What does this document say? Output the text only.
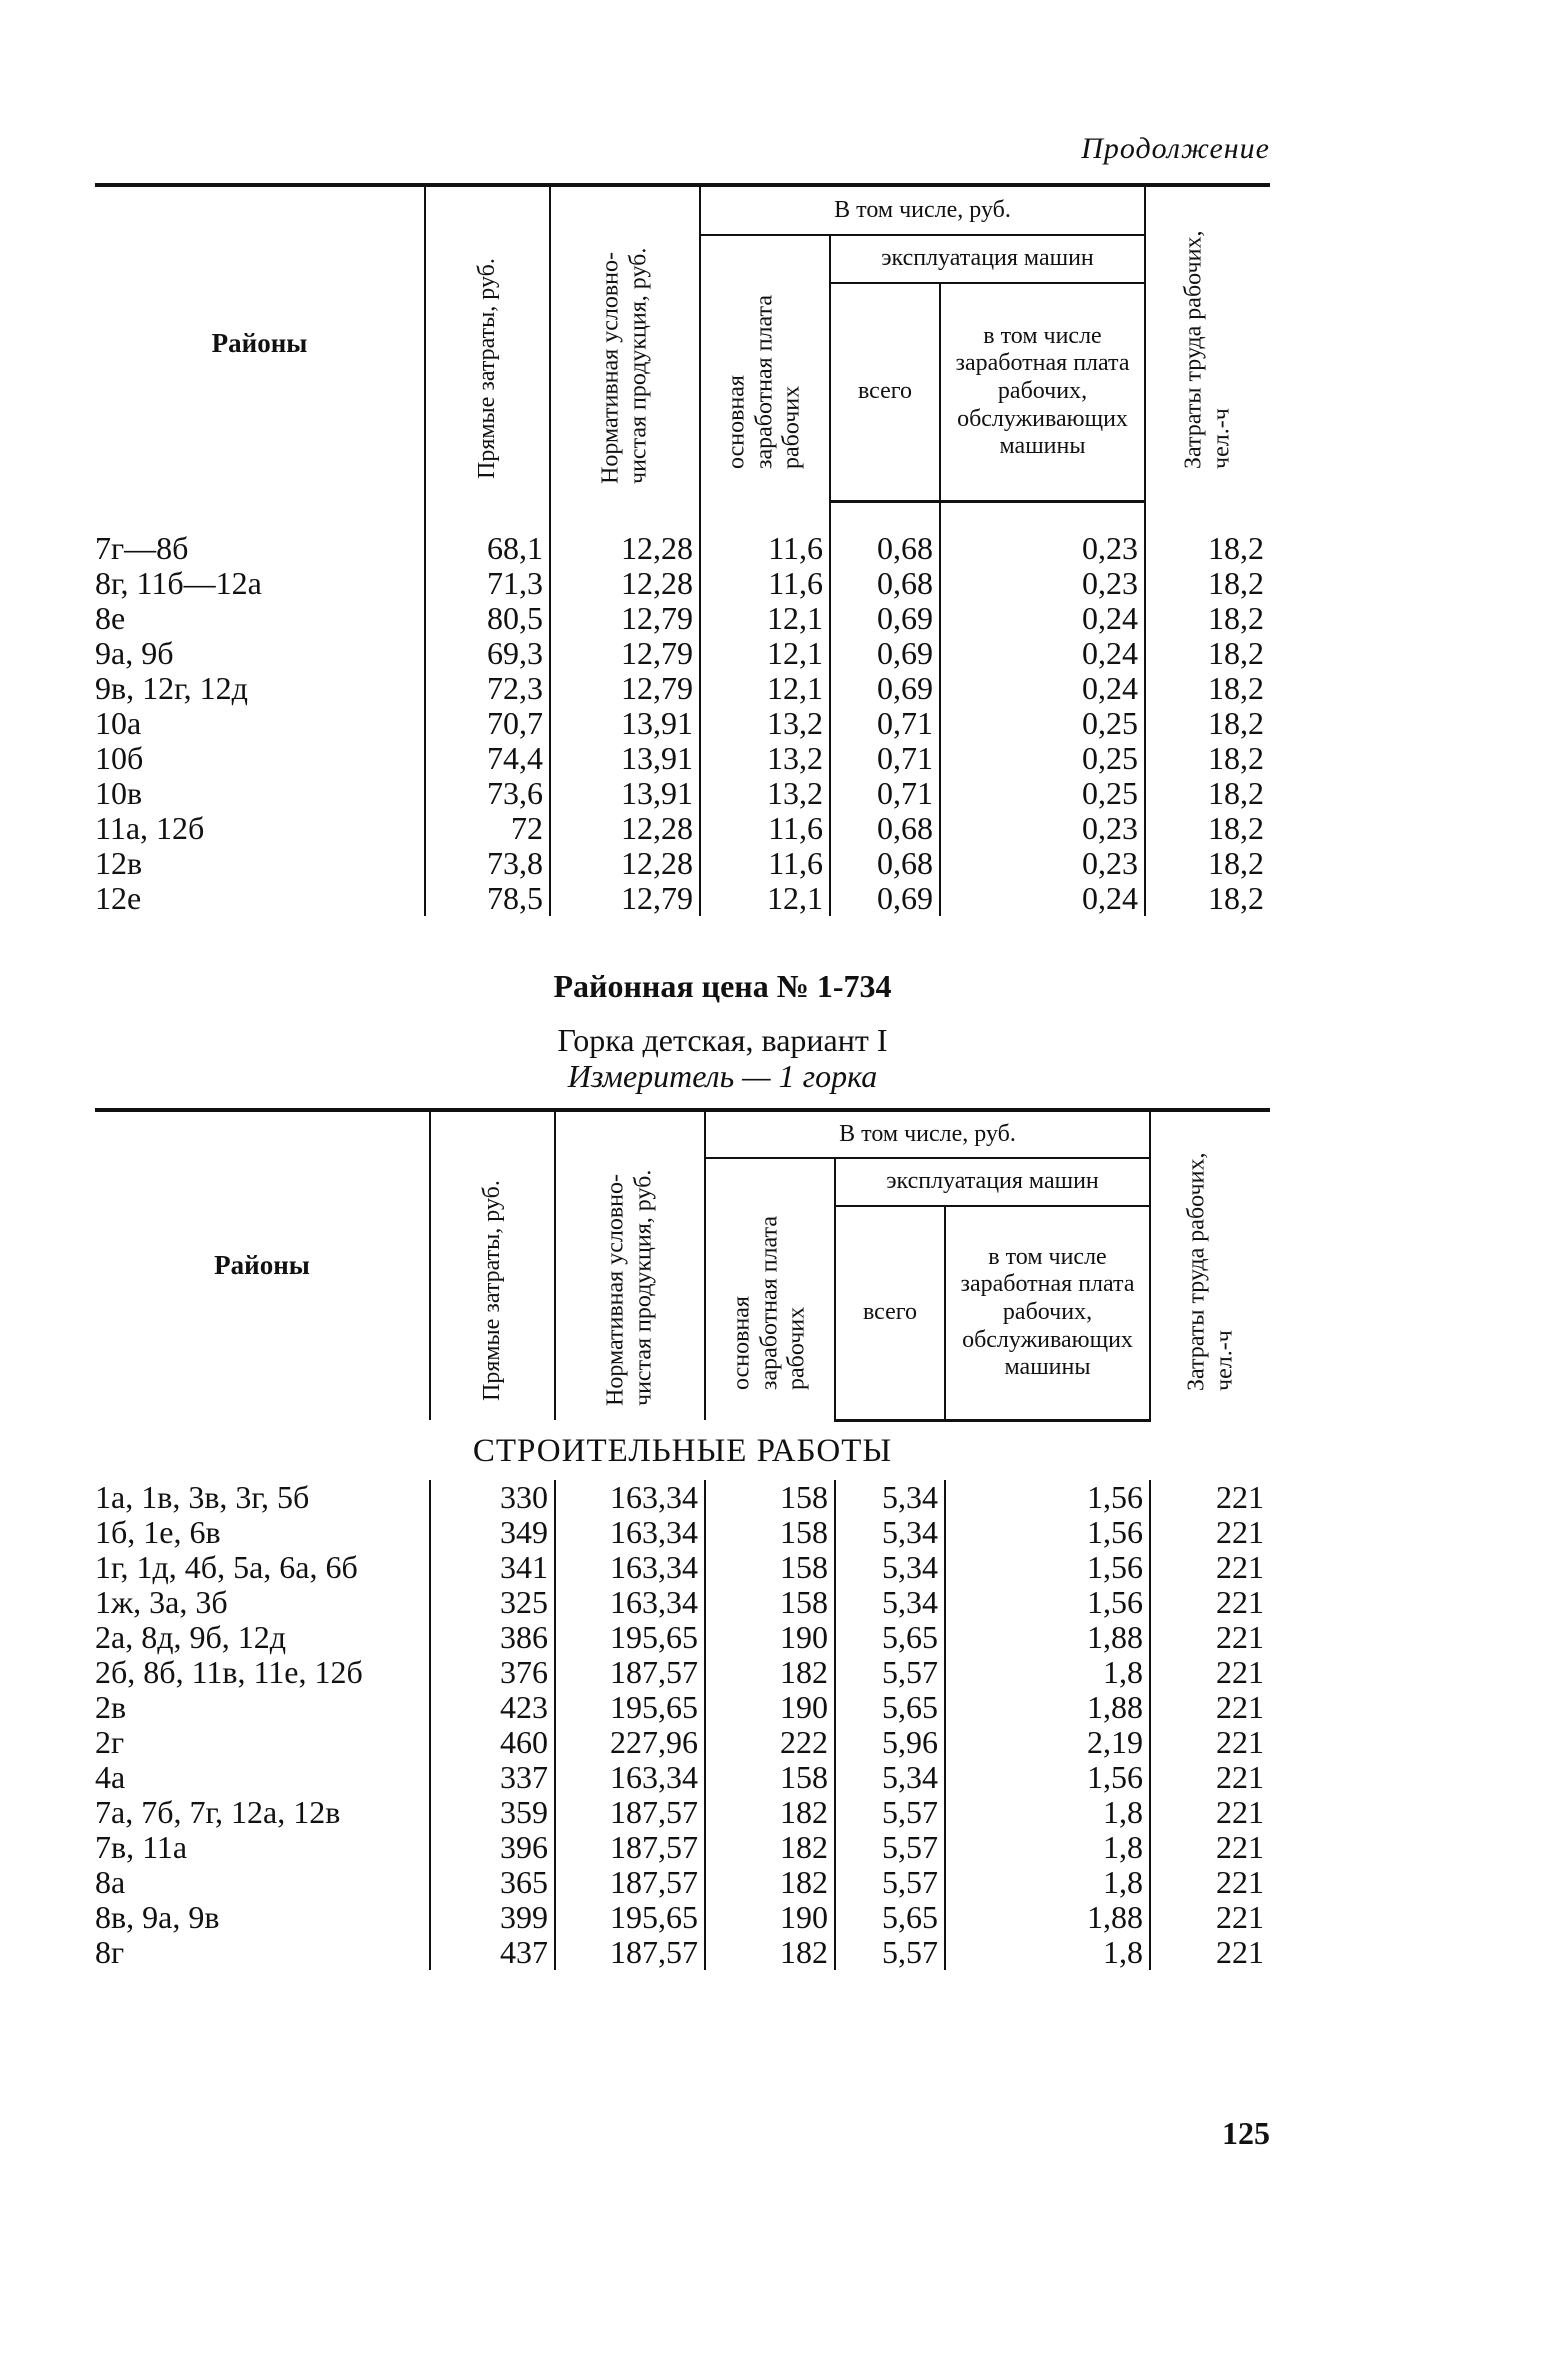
Продолжение
Районы	Прямые затраты, руб.	Нормативная условно-чистая продукция, руб.	В том числе, руб.			Затраты труда рабочих, чел.-ч

			основная заработная плата рабочих	эксплуатация машин		
				всего	в том числе заработная плата рабочих, обслуживающих машины	

7г—8б	68,1	12,28	11,6	0,68	0,23	18,2
8г, 11б—12а	71,3	12,28	11,6	0,68	0,23	18,2
8е	80,5	12,79	12,1	0,69	0,24	18,2
9а, 9б	69,3	12,79	12,1	0,69	0,24	18,2
9в, 12г, 12д	72,3	12,79	12,1	0,69	0,24	18,2
10а	70,7	13,91	13,2	0,71	0,25	18,2
10б	74,4	13,91	13,2	0,71	0,25	18,2
10в	73,6	13,91	13,2	0,71	0,25	18,2
11а, 12б	72	12,28	11,6	0,68	0,23	18,2
12в	73,8	12,28	11,6	0,68	0,23	18,2
12е	78,5	12,79	12,1	0,69	0,24	18,2
Районная цена № 1-734
Горка детская, вариант I
Измеритель — 1 горка
Районы	Прямые затраты, руб.	Нормативная условно-чистая продукция, руб.	В том числе, руб.			Затраты труда рабочих, чел.-ч

			основная заработная плата рабочих	эксплуатация машин		
				всего	в том числе заработная плата рабочих, обслуживающих машины	
СТРОИТЕЛЬНЫЕ РАБОТЫ						
1а, 1в, 3в, 3г, 5б	330	163,34	158	5,34	1,56	221
1б, 1е, 6в	349	163,34	158	5,34	1,56	221
1г, 1д, 4б, 5а, 6а, 6б	341	163,34	158	5,34	1,56	221
1ж, 3а, 3б	325	163,34	158	5,34	1,56	221
2а, 8д, 9б, 12д	386	195,65	190	5,65	1,88	221
2б, 8б, 11в, 11е, 12б	376	187,57	182	5,57	1,8	221
2в	423	195,65	190	5,65	1,88	221
2г	460	227,96	222	5,96	2,19	221
4а	337	163,34	158	5,34	1,56	221
7а, 7б, 7г, 12а, 12в	359	187,57	182	5,57	1,8	221
7в, 11а	396	187,57	182	5,57	1,8	221
8а	365	187,57	182	5,57	1,8	221
8в, 9а, 9в	399	195,65	190	5,65	1,88	221
8г	437	187,57	182	5,57	1,8	221
125
